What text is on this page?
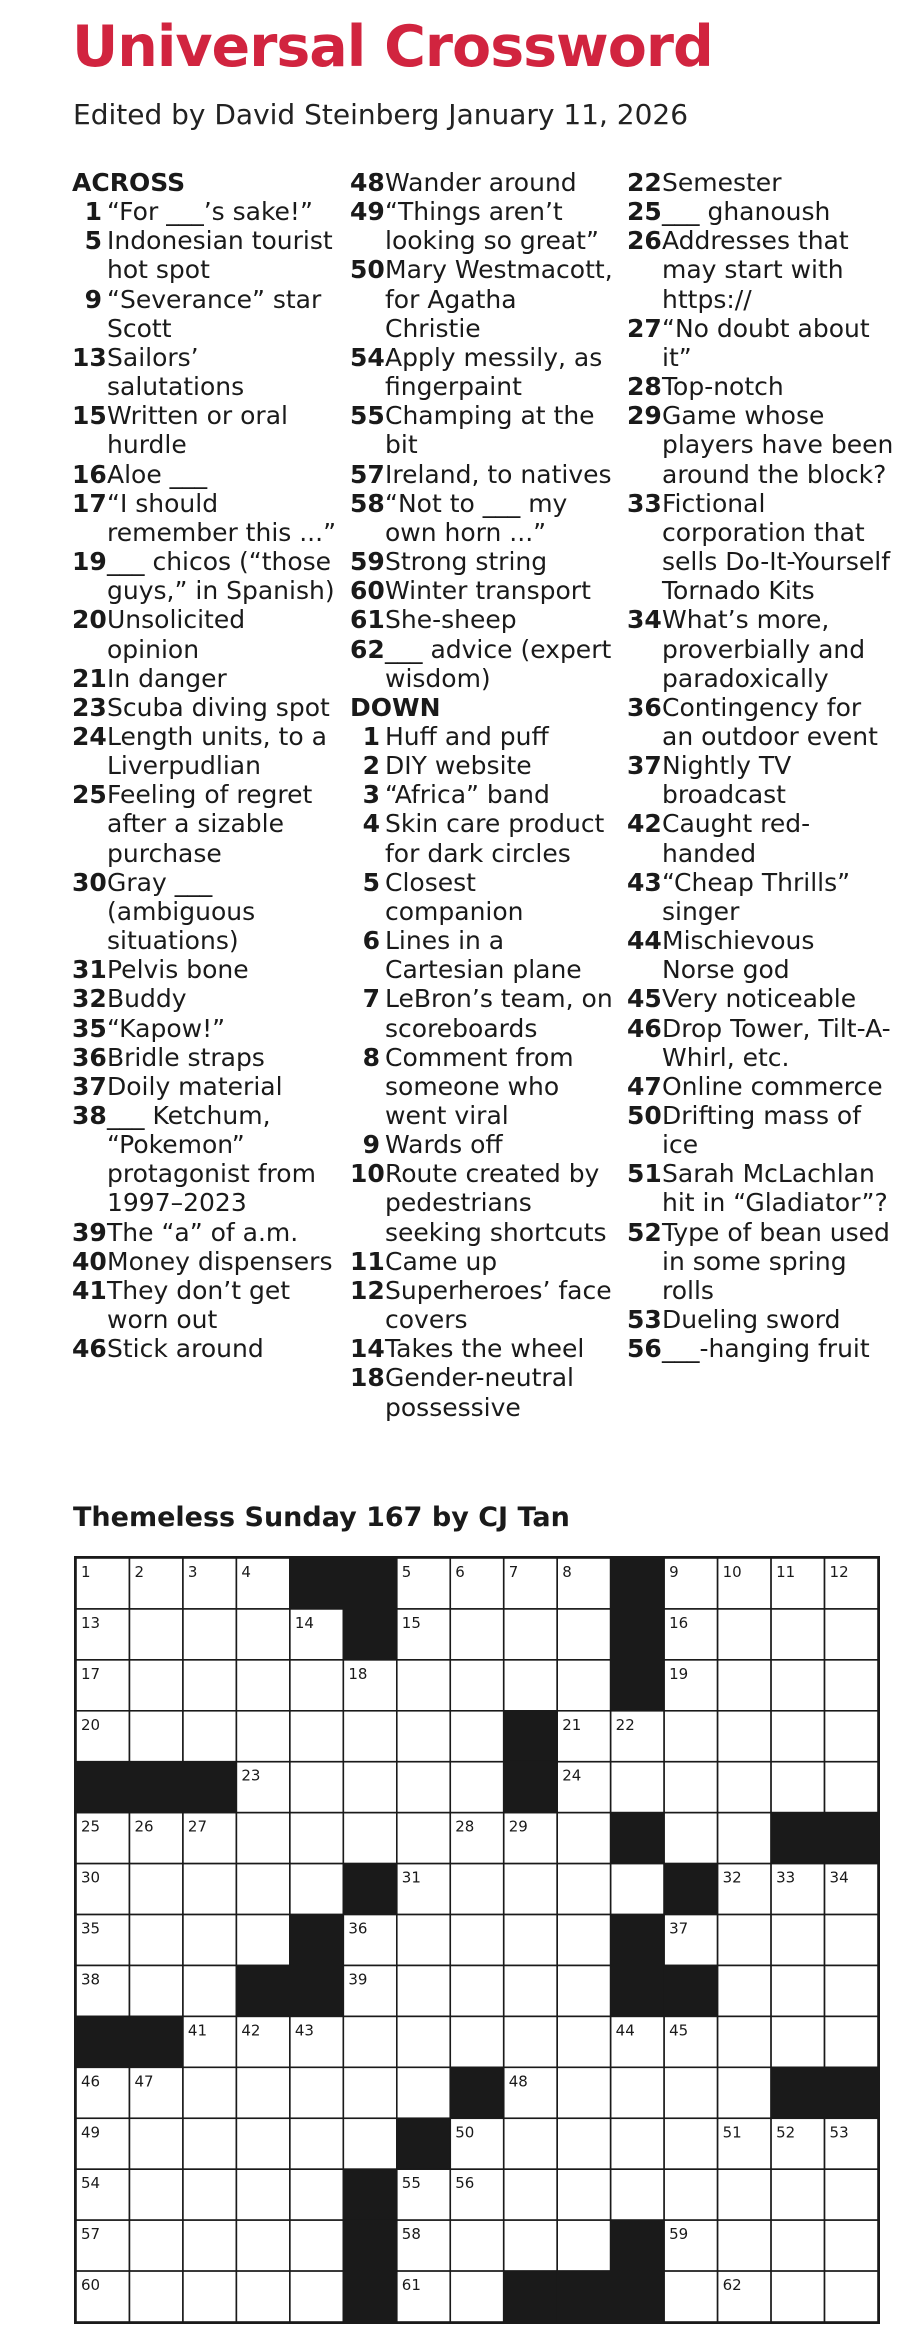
Universal Crossword
Edited by David Steinberg January 11, 2026
ACROSS
1 “For ___’s sake!”
5 Indonesian tourist hot spot
9 “Severance” star Scott
13 Sailors’ salutations
15 Written or oral hurdle
16 Aloe ___
17 “I should remember this ...”
19 ___ chicos (“those guys,” in Spanish)
20 Unsolicited opinion
21 In danger
23 Scuba diving spot
24 Length units, to a Liverpudlian
25 Feeling of regret after a sizable purchase
30 Gray ___ (ambiguous situations)
31 Pelvis bone
32 Buddy
35 “Kapow!”
36 Bridle straps
37 Doily material
38 ___ Ketchum, “Pokemon” protagonist from 1997–2023
39 The “a” of a.m.
40 Money dispensers
41 They don’t get worn out
46 Stick around
48 Wander around
49 “Things aren’t looking so great”
50 Mary Westmacott, for Agatha Christie
54 Apply messily, as fingerpaint
55 Champing at the bit
57 Ireland, to natives
58 “Not to ___ my own horn ...”
59 Strong string
60 Winter transport
61 She-sheep
62 ___ advice (expert wisdom)
DOWN
1 Huff and puff
2 DIY website
3 “Africa” band
4 Skin care product for dark circles
5 Closest companion
6 Lines in a Cartesian plane
7 LeBron’s team, on scoreboards
8 Comment from someone who went viral
9 Wards off
10 Route created by pedestrians seeking shortcuts
11 Came up
12 Superheroes’ face covers
14 Takes the wheel
18 Gender-neutral possessive
22 Semester
25 ___ ghanoush
26 Addresses that may start with https://
27 “No doubt about it”
28 Top-notch
29 Game whose players have been around the block?
33 Fictional corporation that sells Do-It-Yourself Tornado Kits
34 What’s more, proverbially and paradoxically
36 Contingency for an outdoor event
37 Nightly TV broadcast
42 Caught red-handed
43 “Cheap Thrills” singer
44 Mischievous Norse god
45 Very noticeable
46 Drop Tower, Tilt-A-Whirl, etc.
47 Online commerce
50 Drifting mass of ice
51 Sarah McLachlan hit in “Gladiator”?
52 Type of bean used in some spring rolls
53 Dueling sword
56 ___-hanging fruit
Themeless Sunday 167 by CJ Tan
1	2	3	4	5	6	7	8	9	10 11 12
13	14	15	16
17	18	19
20	21 22
23	24
25 26 27	28 29
30	31	32 33 34
35	36	37
38	39
41 42 43	44 45
46 47	48
49	50	51 52 53
54	55 56
57	58	59
60	61	62
